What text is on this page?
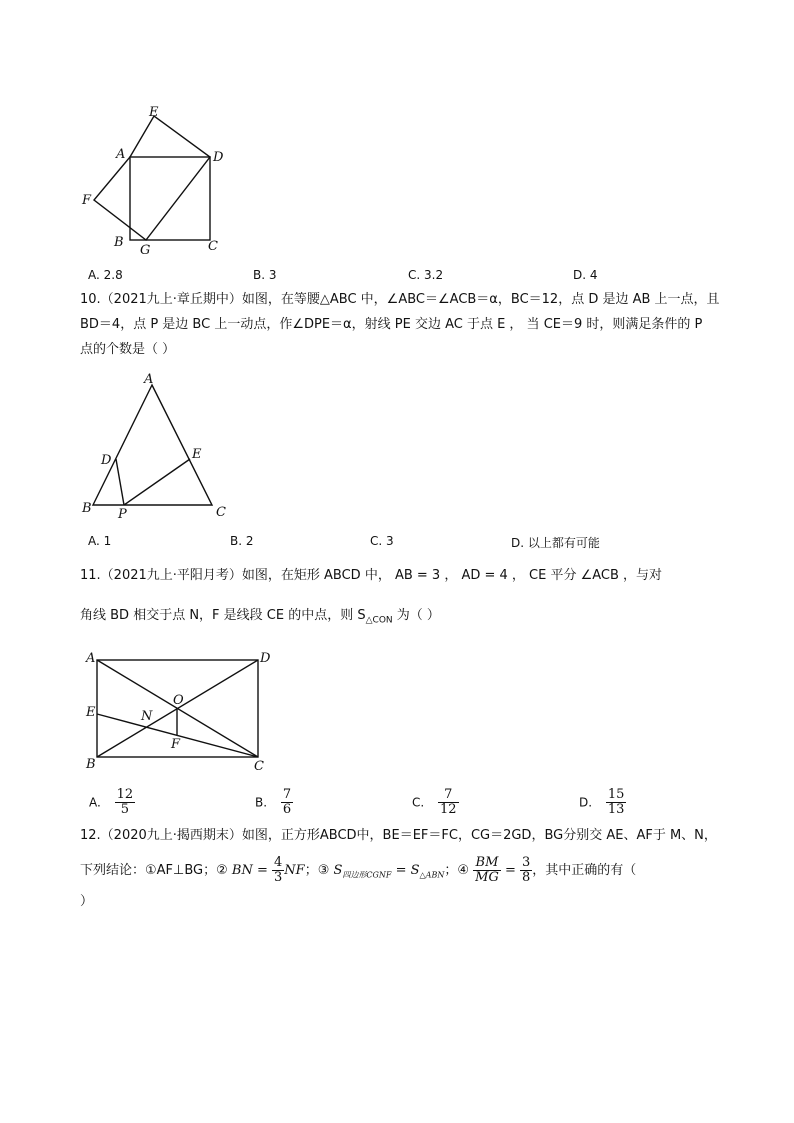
E
A	D
F
B
G	C
A. 2.8	B. 3	C. 3.2	D. 4
10.（2021九上·章丘期中）如图，在等腰△ABC 中，∠ABC＝∠ACB＝α，BC＝12，点 D 是边 AB 上一点，且
BD＝4，点 P 是边 BC 上一动点，作∠DPE＝α，射线 PE 交边 AC 于点 E ， 当 CE＝9 时，则满足条件的 P
点的个数是（ ）
A
D	E
B P	C
A. 1	B. 2	C. 3	D. 以上都有可能
11.（2021九上·平阳月考）如图，在矩形 ABCD 中， AB = 3 ， AD = 4 ， CE 平分 ∠ACB ，与对
角线 BD 相交于点 N，F 是线段 CE 的中点，则 $S_{\triangle CON}$ 为（ ）
A	D
O
E	N
F
B	C
A. $\frac{12}{5}$	B. $\frac{7}{6}$	C. $\frac{7}{12}$	D. $\frac{15}{13}$
12.（2020九上·揭西期末）如图，正方形ABCD中，BE＝EF＝FC，CG＝2GD，BG分别交 AE、AF于 M、N，
下列结论：①AF⊥BG；② BN = $\frac{4}{3}$ NF；③ $S_{四边形CGNF} = S_{\triangle ABN}$；④ $\frac{BM}{MG} = \frac{3}{8}$ ，其中正确的有（
）
